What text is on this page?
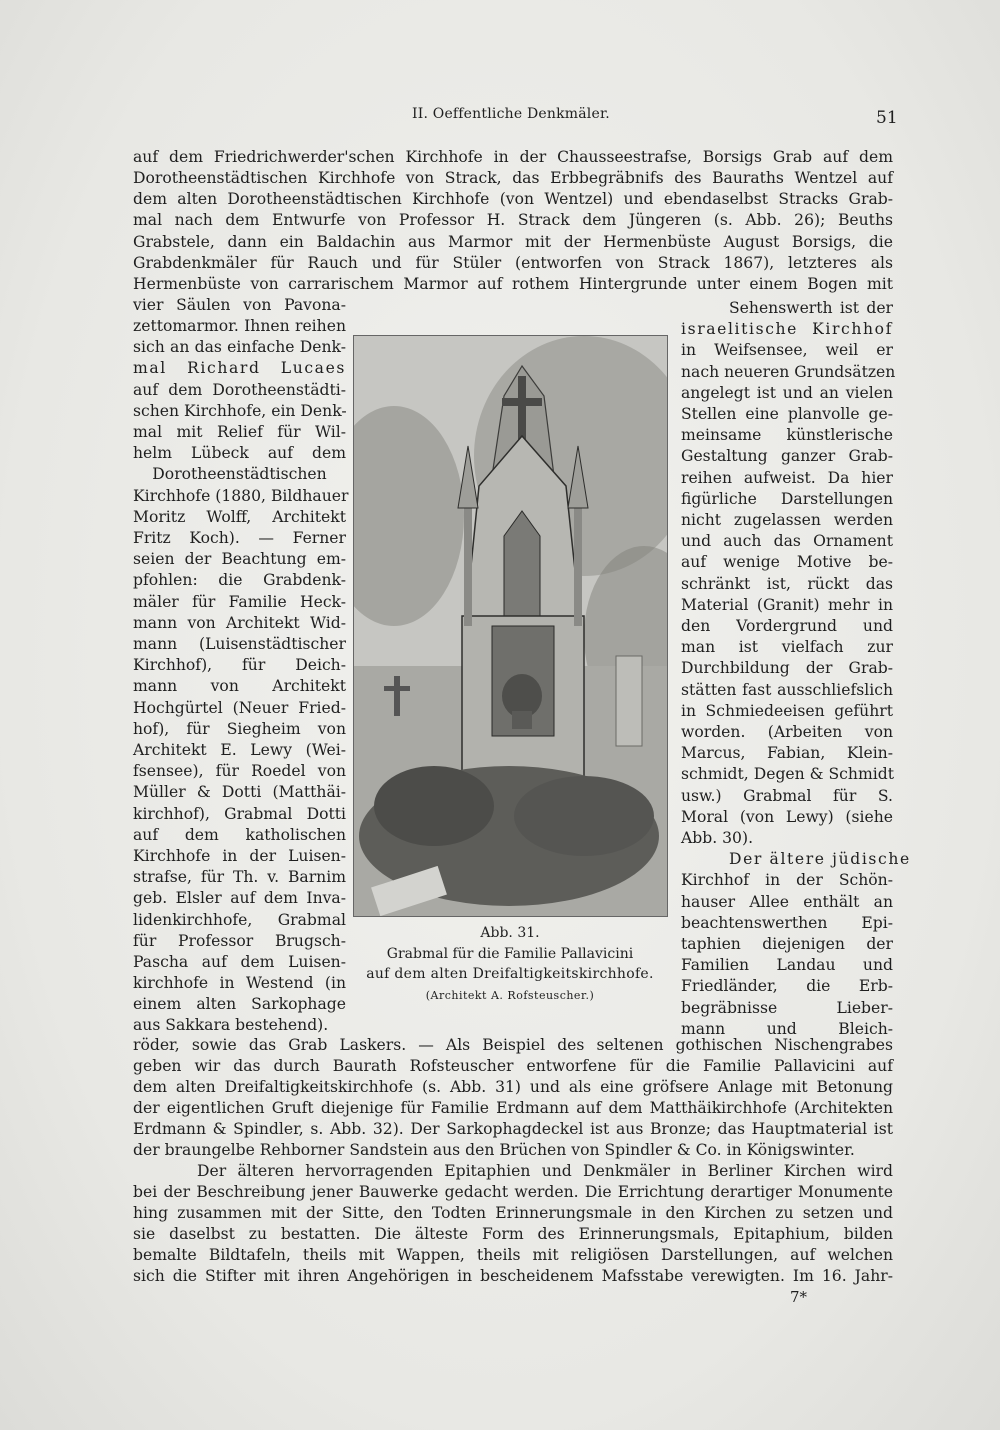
II. Oeffentliche Denkmäler.	51
auf dem Friedrichwerder'schen Kirchhofe in der Chausseestrafse, Borsigs Grab auf dem
Dorotheenstädtischen Kirchhofe von Strack, das Erbbegräbnifs des Bauraths Wentzel auf
dem alten Dorotheenstädtischen Kirchhofe (von Wentzel) und ebendaselbst Stracks Grab-
mal nach dem Entwurfe von Professor H. Strack dem Jüngeren (s. Abb. 26); Beuths
Grabstele, dann ein Baldachin aus Marmor mit der Hermenbüste August Borsigs, die
Grabdenkmäler für Rauch und für Stüler (entworfen von Strack 1867), letzteres als
Hermenbüste von carrarischem Marmor auf rothem Hintergrunde unter einem Bogen mit
vier Säulen von Pavona-
zettomarmor. Ihnen reihen
sich an das einfache Denk-
mal Richard Lucaes
auf dem Dorotheenstädti-
schen Kirchhofe, ein Denk-
mal mit Relief für Wil-
helm Lübeck auf dem
Dorotheenstädtischen
Kirchhofe (1880, Bildhauer
Moritz Wolff, Architekt
Fritz Koch). — Ferner
seien der Beachtung em-
pfohlen: die Grabdenk-
mäler für Familie Heck-
mann von Architekt Wid-
mann (Luisenstädtischer
Kirchhof), für Deich-
mann von Architekt
Hochgürtel (Neuer Fried-
hof), für Siegheim von
Architekt E. Lewy (Wei-
fsensee), für Roedel von
Müller & Dotti (Matthäi-
kirchhof), Grabmal Dotti
auf dem katholischen
Kirchhofe in der Luisen-
strafse, für Th. v. Barnim
geb. Elsler auf dem Inva-
lidenkirchhofe, Grabmal
für Professor Brugsch-
Pascha auf dem Luisen-
kirchhofe in Westend (in
einem alten Sarkophage
aus Sakkara bestehend).
Abb. 31.
Grabmal für die Familie Pallavicini
auf dem alten Dreifaltigkeitskirchhofe.
(Architekt A. Rofsteuscher.)
Sehenswerth ist der
israelitische Kirchhof
in Weifsensee, weil er
nach neueren Grundsätzen
angelegt ist und an vielen
Stellen eine planvolle ge-
meinsame künstlerische
Gestaltung ganzer Grab-
reihen aufweist. Da hier
figürliche Darstellungen
nicht zugelassen werden
und auch das Ornament
auf wenige Motive be-
schränkt ist, rückt das
Material (Granit) mehr in
den Vordergrund und
man ist vielfach zur
Durchbildung der Grab-
stätten fast ausschliefslich
in Schmiedeeisen geführt
worden. (Arbeiten von
Marcus, Fabian, Klein-
schmidt, Degen & Schmidt
usw.) Grabmal für S.
Moral (von Lewy) (siehe
Abb. 30).
Der ältere jüdische
Kirchhof in der Schön-
hauser Allee enthält an
beachtenswerthen Epi-
taphien diejenigen der
Familien Landau und
Friedländer, die Erb-
begräbnisse Lieber-
mann und Bleich-
röder, sowie das Grab Laskers. — Als Beispiel des seltenen gothischen Nischengrabes
geben wir das durch Baurath Rofsteuscher entworfene für die Familie Pallavicini auf
dem alten Dreifaltigkeitskirchhofe (s. Abb. 31) und als eine gröfsere Anlage mit Betonung
der eigentlichen Gruft diejenige für Familie Erdmann auf dem Matthäikirchhofe (Architekten
Erdmann & Spindler, s. Abb. 32). Der Sarkophagdeckel ist aus Bronze; das Hauptmaterial ist
der braungelbe Rehborner Sandstein aus den Brüchen von Spindler & Co. in Königswinter.
Der älteren hervorragenden Epitaphien und Denkmäler in Berliner Kirchen wird
bei der Beschreibung jener Bauwerke gedacht werden. Die Errichtung derartiger Monumente
hing zusammen mit der Sitte, den Todten Erinnerungsmale in den Kirchen zu setzen und
sie daselbst zu bestatten. Die älteste Form des Erinnerungsmals, Epitaphium, bilden
bemalte Bildtafeln, theils mit Wappen, theils mit religiösen Darstellungen, auf welchen
sich die Stifter mit ihren Angehörigen in bescheidenem Mafsstabe verewigten. Im 16. Jahr-
7*
